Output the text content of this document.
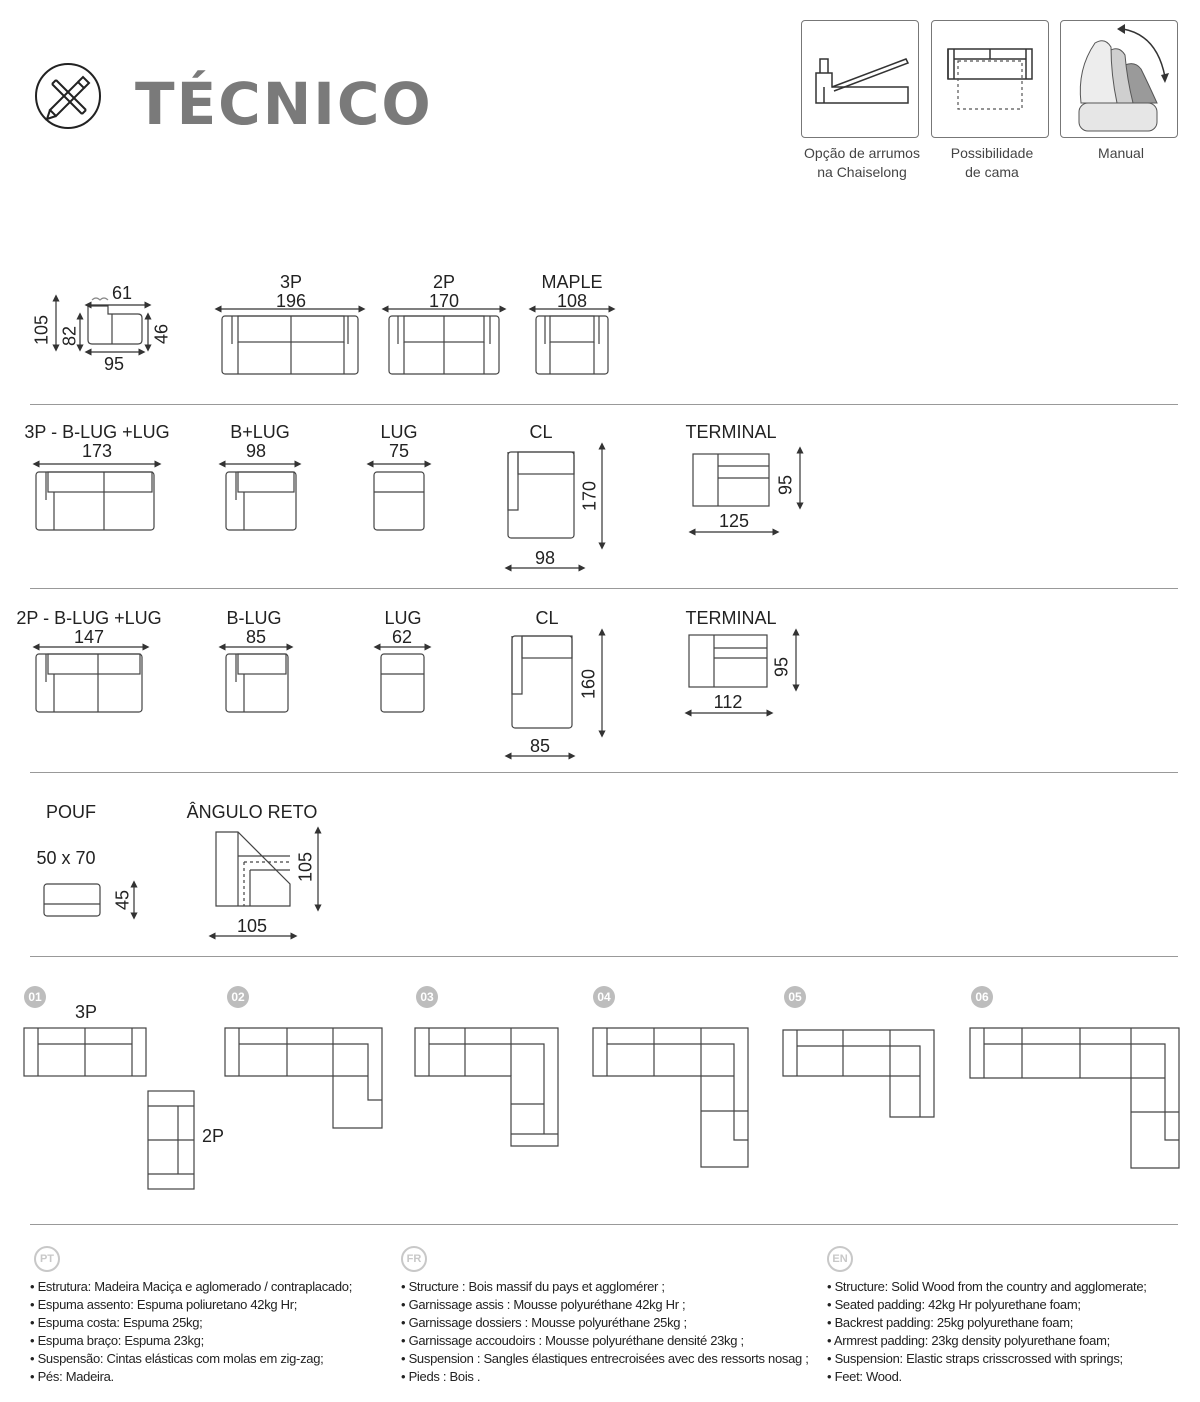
TÉCNICO
Opção de arrumos
na Chaiselong
Possibilidade
de cama
Manual

61
95
105 82	46
3P
196
2P
170
MAPLE
108
3P - B-LUG +LUG
173
B+LUG
98
LUG
75
CL
170
98
TERMINAL
125
95
2P - B-LUG +LUG
147
B-LUG
85
LUG
62
CL
160
85
TERMINAL
112
95
POUF
50 x 70
45
ÂNGULO RETO
105
105
01	02	03	04	05	06
3P
2P
PT	FR	EN
• Estrutura: Madeira Maciça e aglomerado / contraplacado;
• Espuma assento: Espuma poliuretano 42kg Hr;
• Espuma costa: Espuma 25kg;
• Espuma braço: Espuma 23kg;
• Suspensão: Cintas elásticas com molas em zig-zag;
• Pés: Madeira.
• Structure : Bois massif du pays et agglomérer ;
• Garnissage assis : Mousse polyuréthane 42kg Hr ;
• Garnissage dossiers : Mousse polyuréthane 25kg ;
• Garnissage accoudoirs : Mousse polyuréthane densité 23kg ;
• Suspension : Sangles élastiques entrecroisées avec des ressorts nosag ;
• Pieds : Bois .
• Structure: Solid Wood from the country and agglomerate;
• Seated padding: 42kg Hr polyurethane foam;
• Backrest padding: 25kg polyurethane foam;
• Armrest padding: 23kg density polyurethane foam;
• Suspension: Elastic straps crisscrossed with springs;
• Feet: Wood.
